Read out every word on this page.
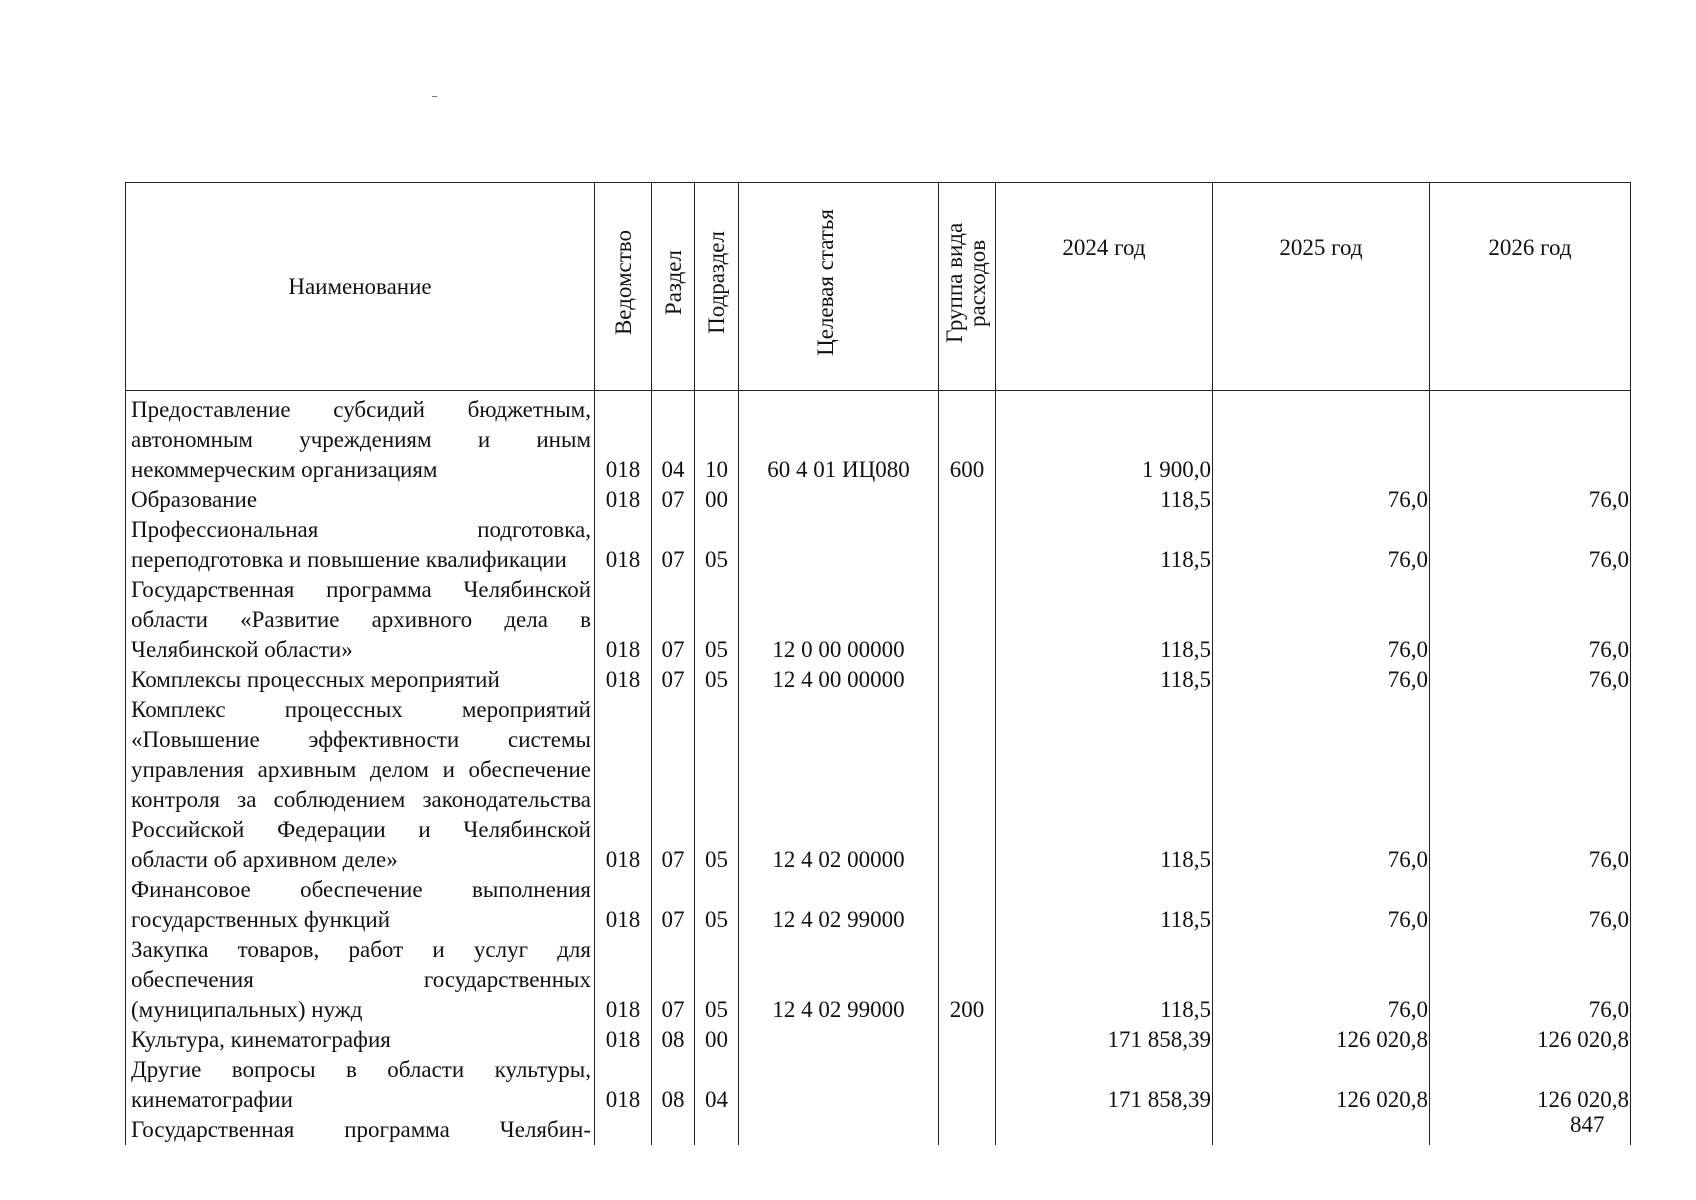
Наименование	Ведомство	Раздел	Подраздел	Целевая статья	Группа вида расходов	2024 год	2025 год	2026 год
Предоставление субсидий бюджетным, автономным учреждениям и иным некоммерческим организациям	018	04	10	60 4 01 ИЦ080	600	1 900,0		
Образование	018	07	00			118,5	76,0	76,0
Профессиональная подготовка, переподготовка и повышение квалификации	018	07	05			118,5	76,0	76,0
Государственная программа Челябинской области «Развитие архивного дела в Челябинской области»	018	07	05	12 0 00 00000		118,5	76,0	76,0
Комплексы процессных мероприятий	018	07	05	12 4 00 00000		118,5	76,0	76,0
Комплекс процессных мероприятий «Повышение эффективности системы управления архивным делом и обеспечение контроля за соблюдением законодательства Российской Федерации и Челябинской области об архивном деле»	018	07	05	12 4 02 00000		118,5	76,0	76,0
Финансовое обеспечение выполнения государственных функций	018	07	05	12 4 02 99000		118,5	76,0	76,0
Закупка товаров, работ и услуг для обеспечения государственных (муниципальных) нужд	018	07	05	12 4 02 99000	200	118,5	76,0	76,0
Культура, кинематография	018	08	00			171 858,39	126 020,8	126 020,8
Другие вопросы в области культуры, кинематографии	018	08	04			171 858,39	126 020,8	126 020,8
Государственная программа Челябин-									847
